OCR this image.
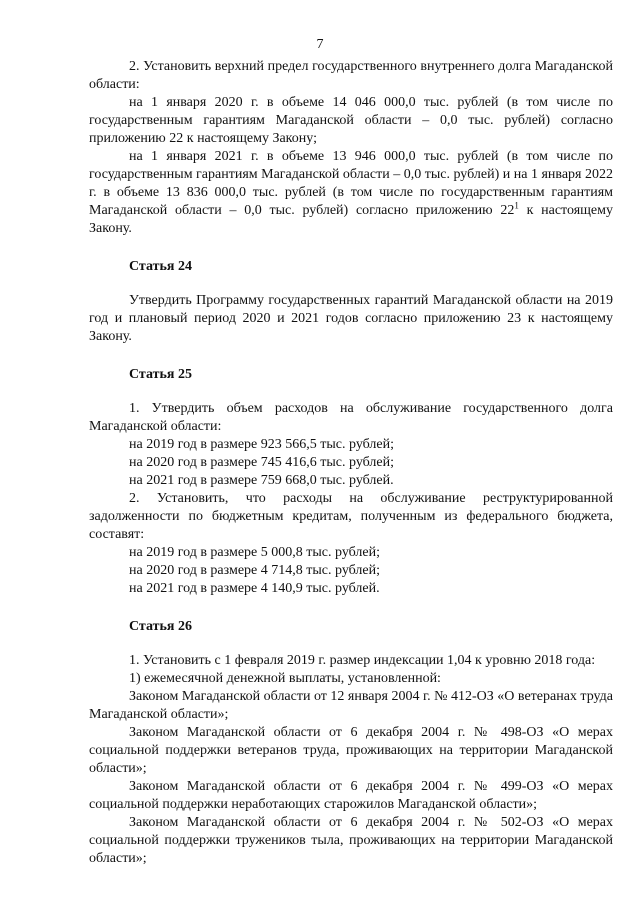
7

2. Установить верхний предел государственного внутреннего долга Магаданской области:

на 1 января 2020 г. в объеме 14 046 000,0 тыс. рублей (в том числе по государственным гарантиям Магаданской области – 0,0 тыс. рублей) согласно приложению 22 к настоящему Закону;

на 1 января 2021 г. в объеме 13 946 000,0 тыс. рублей (в том числе по государственным гарантиям Магаданской области – 0,0 тыс. рублей) и на 1 января 2022 г. в объеме 13 836 000,0 тыс. рублей (в том числе по государственным гарантиям Магаданской области – 0,0 тыс. рублей) согласно приложению $22^1$ к настоящему Закону.

Статья 24

Утвердить Программу государственных гарантий Магаданской области на 2019 год и плановый период 2020 и 2021 годов согласно приложению 23 к настоящему Закону.

Статья 25

1. Утвердить объем расходов на обслуживание государственного долга Магаданской области:

на 2019 год в размере 923 566,5 тыс. рублей;

на 2020 год в размере 745 416,6 тыс. рублей;

на 2021 год в размере 759 668,0 тыс. рублей.

2. Установить, что расходы на обслуживание реструктурированной задолженности по бюджетным кредитам, полученным из федерального бюджета, составят:

на 2019 год в размере 5 000,8 тыс. рублей;

на 2020 год в размере 4 714,8 тыс. рублей;

на 2021 год в размере 4 140,9 тыс. рублей.

Статья 26

1. Установить с 1 февраля 2019 г. размер индексации 1,04 к уровню 2018 года:

1) ежемесячной денежной выплаты, установленной:

Законом Магаданской области от 12 января 2004 г. № 412-ОЗ «О ветеранах труда Магаданской области»;

Законом Магаданской области от 6 декабря 2004 г. № 498-ОЗ «О мерах социальной поддержки ветеранов труда, проживающих на территории Магаданской области»;

Законом Магаданской области от 6 декабря 2004 г. № 499-ОЗ «О мерах социальной поддержки неработающих старожилов Магаданской области»;

Законом Магаданской области от 6 декабря 2004 г. № 502-ОЗ «О мерах социальной поддержки тружеников тыла, проживающих на территории Магаданской области»;
